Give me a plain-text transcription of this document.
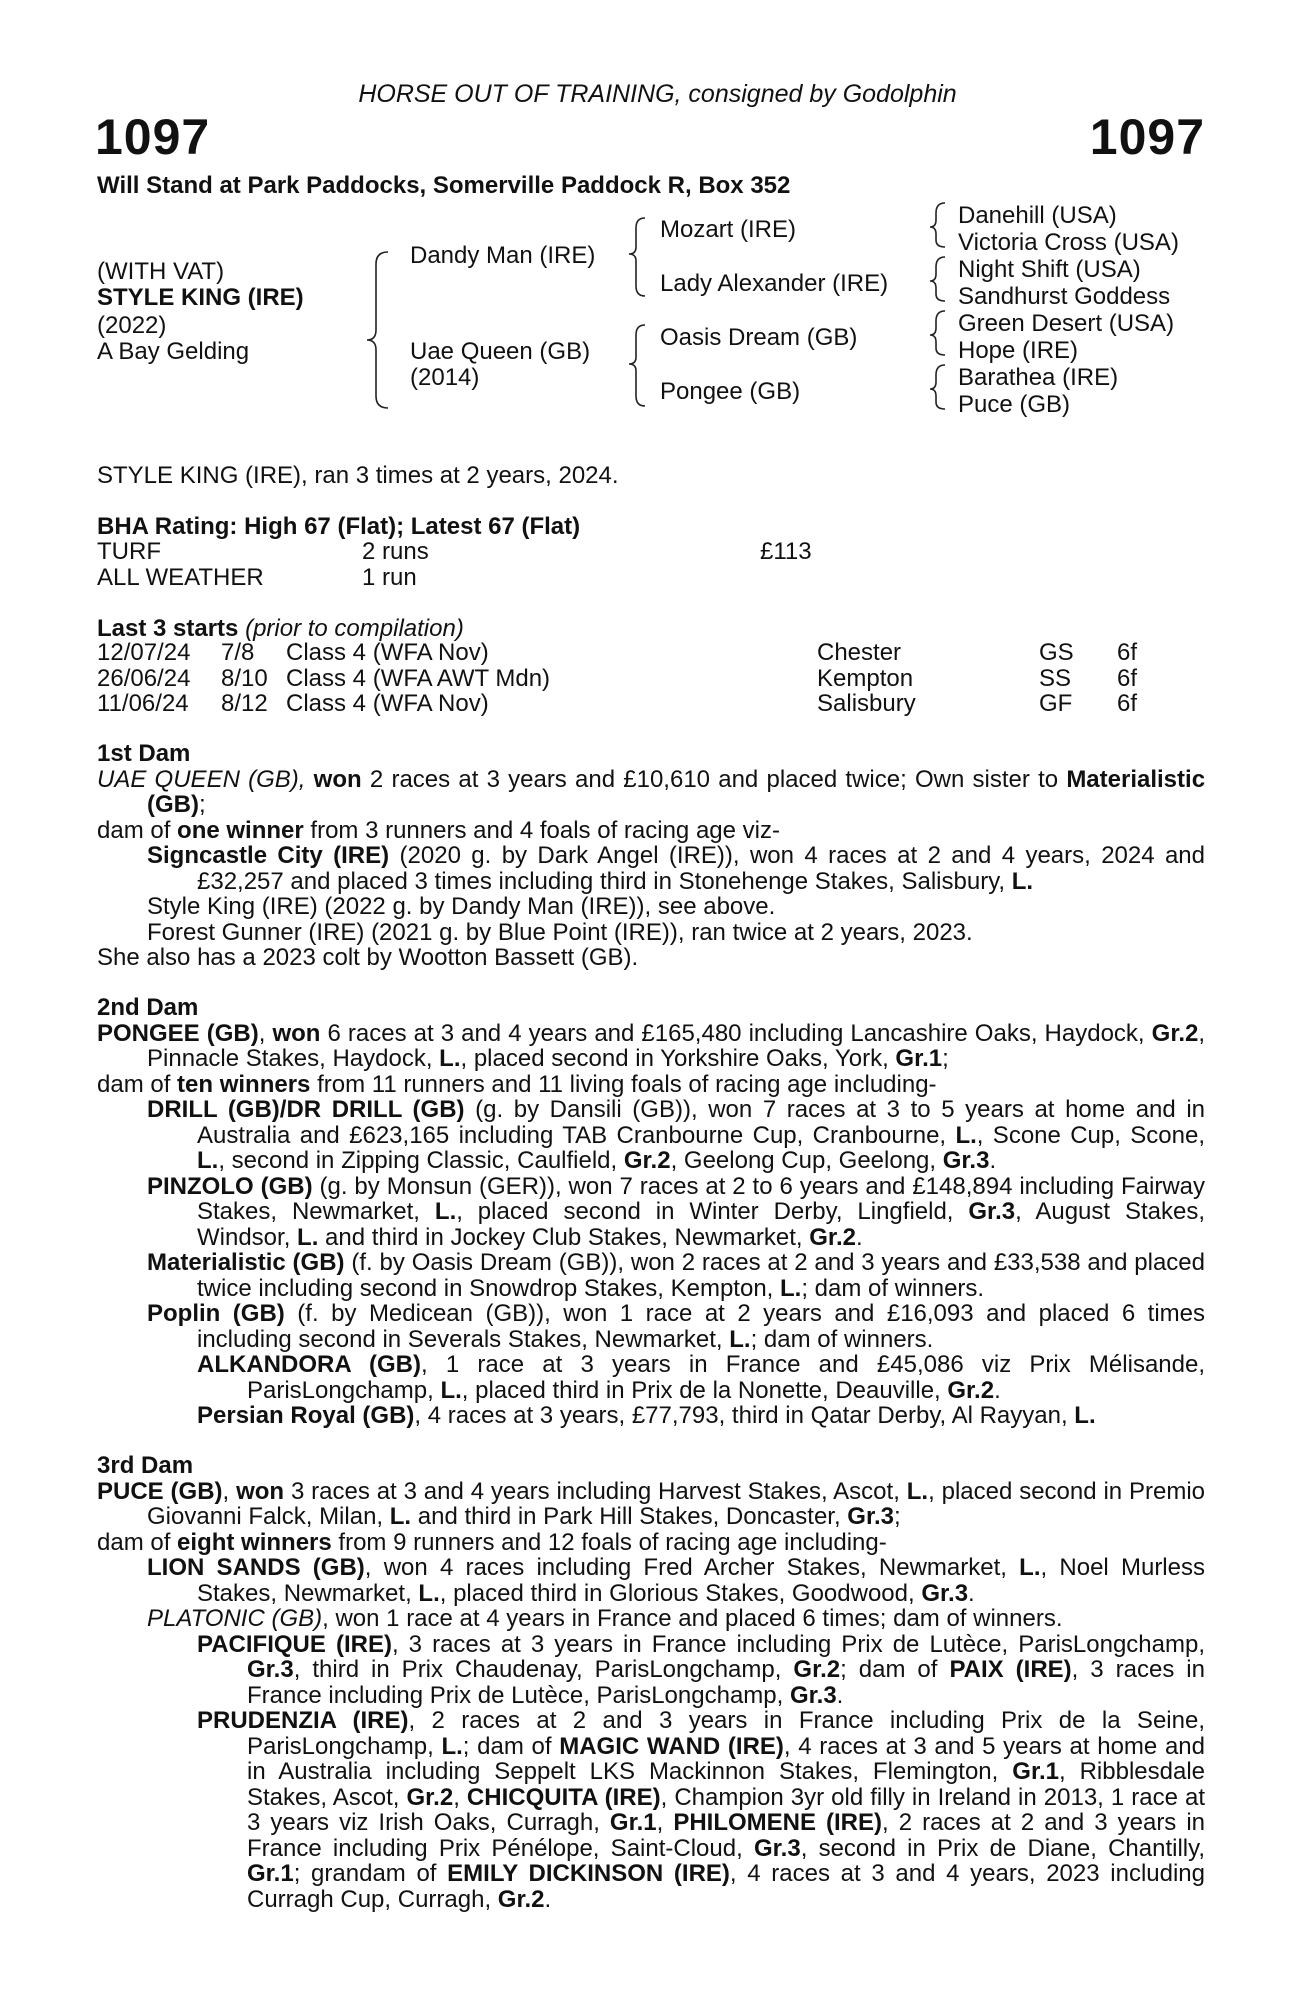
HORSE OUT OF TRAINING, consigned by Godolphin
1097	1097
Will Stand at Park Paddocks, Somerville Paddock R, Box 352
(WITH VAT)
STYLE KING (IRE)
(2022)
A Bay Gelding
Dandy Man (IRE)
Uae Queen (GB)
(2014)
Mozart (IRE)
Lady Alexander (IRE)
Oasis Dream (GB)
Pongee (GB)
Danehill (USA)
Victoria Cross (USA)
Night Shift (USA)
Sandhurst Goddess
Green Desert (USA)
Hope (IRE)
Barathea (IRE)
Puce (GB)
STYLE KING (IRE), ran 3 times at 2 years, 2024.
BHA Rating: High 67 (Flat); Latest 67 (Flat)
TURF	2 runs	£113
ALL WEATHER	1 run
Last 3 starts (prior to compilation)
12/07/24	7/8	Class 4 (WFA Nov)	Chester	GS	6f
26/06/24	8/10	Class 4 (WFA AWT Mdn)	Kempton	SS	6f
11/06/24	8/12	Class 4 (WFA Nov)	Salisbury	GF	6f

1st Dam

UAE QUEEN (GB), won 2 races at 3 years and £10,610 and placed twice; Own sister to Materialistic (GB);

dam of one winner from 3 runners and 4 foals of racing age viz-

Signcastle City (IRE) (2020 g. by Dark Angel (IRE)), won 4 races at 2 and 4 years, 2024 and £32,257 and placed 3 times including third in Stonehenge Stakes, Salisbury, L.

Style King (IRE) (2022 g. by Dandy Man (IRE)), see above.

Forest Gunner (IRE) (2021 g. by Blue Point (IRE)), ran twice at 2 years, 2023.

She also has a 2023 colt by Wootton Bassett (GB).

2nd Dam

PONGEE (GB), won 6 races at 3 and 4 years and £165,480 including Lancashire Oaks, Haydock, Gr.2, Pinnacle Stakes, Haydock, L., placed second in Yorkshire Oaks, York, Gr.1;

dam of ten winners from 11 runners and 11 living foals of racing age including-

DRILL (GB)/DR DRILL (GB) (g. by Dansili (GB)), won 7 races at 3 to 5 years at home and in Australia and £623,165 including TAB Cranbourne Cup, Cranbourne, L., Scone Cup, Scone, L., second in Zipping Classic, Caulfield, Gr.2, Geelong Cup, Geelong, Gr.3.

PINZOLO (GB) (g. by Monsun (GER)), won 7 races at 2 to 6 years and £148,894 including Fairway Stakes, Newmarket, L., placed second in Winter Derby, Lingfield, Gr.3, August Stakes, Windsor, L. and third in Jockey Club Stakes, Newmarket, Gr.2.

Materialistic (GB) (f. by Oasis Dream (GB)), won 2 races at 2 and 3 years and £33,538 and placed twice including second in Snowdrop Stakes, Kempton, L.; dam of winners.

Poplin (GB) (f. by Medicean (GB)), won 1 race at 2 years and £16,093 and placed 6 times including second in Severals Stakes, Newmarket, L.; dam of winners.

ALKANDORA (GB), 1 race at 3 years in France and £45,086 viz Prix Mélisande, ParisLongchamp, L., placed third in Prix de la Nonette, Deauville, Gr.2.

Persian Royal (GB), 4 races at 3 years, £77,793, third in Qatar Derby, Al Rayyan, L.

3rd Dam

PUCE (GB), won 3 races at 3 and 4 years including Harvest Stakes, Ascot, L., placed second in Premio Giovanni Falck, Milan, L. and third in Park Hill Stakes, Doncaster, Gr.3;

dam of eight winners from 9 runners and 12 foals of racing age including-

LION SANDS (GB), won 4 races including Fred Archer Stakes, Newmarket, L., Noel Murless Stakes, Newmarket, L., placed third in Glorious Stakes, Goodwood, Gr.3.

PLATONIC (GB), won 1 race at 4 years in France and placed 6 times; dam of winners.

PACIFIQUE (IRE), 3 races at 3 years in France including Prix de Lutèce, ParisLongchamp, Gr.3, third in Prix Chaudenay, ParisLongchamp, Gr.2; dam of PAIX (IRE), 3 races in France including Prix de Lutèce, ParisLongchamp, Gr.3.

PRUDENZIA (IRE), 2 races at 2 and 3 years in France including Prix de la Seine, ParisLongchamp, L.; dam of MAGIC WAND (IRE), 4 races at 3 and 5 years at home and in Australia including Seppelt LKS Mackinnon Stakes, Flemington, Gr.1, Ribblesdale Stakes, Ascot, Gr.2, CHICQUITA (IRE), Champion 3yr old filly in Ireland in 2013, 1 race at 3 years viz Irish Oaks, Curragh, Gr.1, PHILOMENE (IRE), 2 races at 2 and 3 years in France including Prix Pénélope, Saint-Cloud, Gr.3, second in Prix de Diane, Chantilly, Gr.1; grandam of EMILY DICKINSON (IRE), 4 races at 3 and 4 years, 2023 including Curragh Cup, Curragh, Gr.2.
